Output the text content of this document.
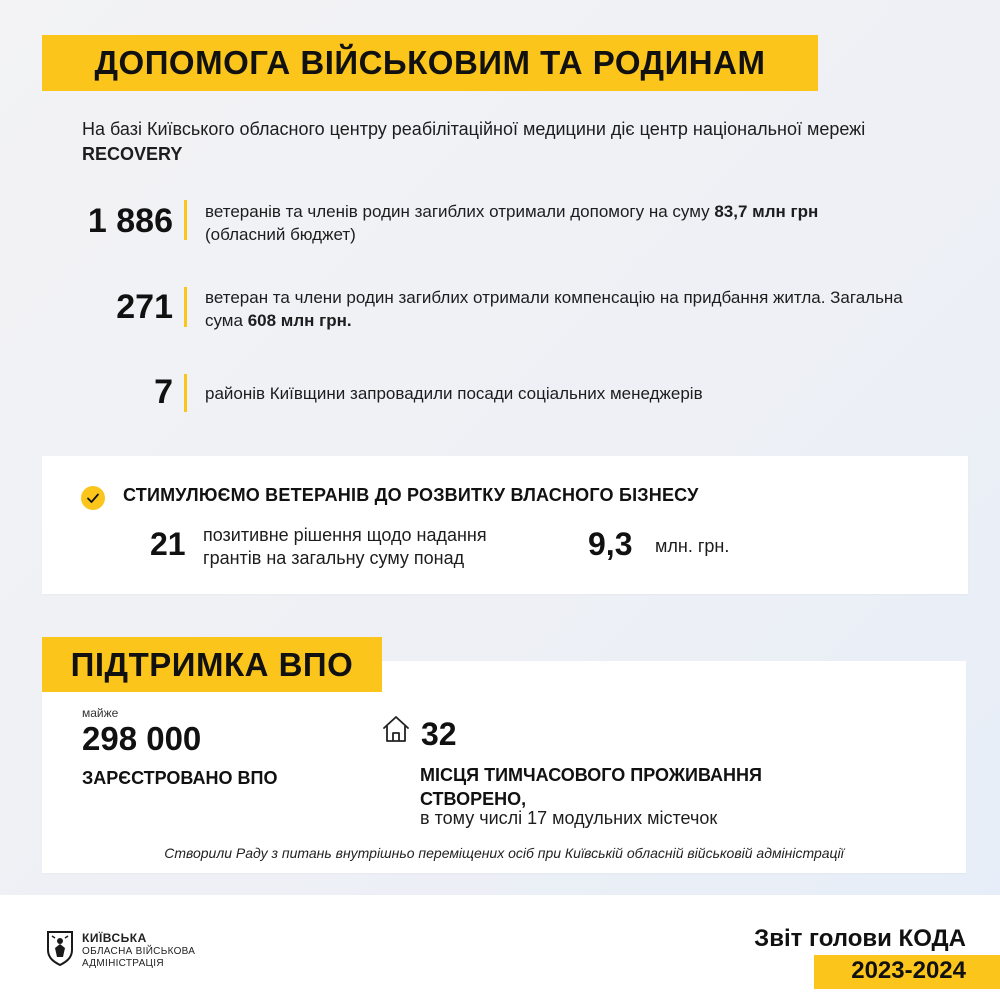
ДОПОМОГА ВІЙСЬКОВИМ ТА РОДИНАМ
На базі Київського обласного центру реабілітаційної медицини діє центр національної мережі RECOVERY
1 886 ветеранів та членів родин загиблих отримали допомогу на суму 83,7 млн грн
(обласний бюджет)
271 ветеран та члени родин загиблих отримали компенсацію на придбання житла. Загальна сума 608 млн грн.
7 районів Київщини запровадили посади соціальних менеджерів
СТИМУЛЮЄМО ВЕТЕРАНІВ ДО РОЗВИТКУ ВЛАСНОГО БІЗНЕСУ
21 позитивне рішення щодо надання
грантів на загальну суму понад	9,3 млн. грн.
ПІДТРИМКА ВПО
майже
298 000
ЗАРЄСТРОВАНО ВПО
32
МІСЦЯ ТИМЧАСОВОГО ПРОЖИВАННЯ

СТВОРЕНО,
в тому числі 17 модульних містечок
Створили Раду з питань внутрішньо переміщених осіб при Київській обласній військовій адміністрації
КИЇВСЬКА
ОБЛАСНА ВІЙСЬКОВА
АДМІНІСТРАЦІЯ
Звіт голови КОДА
2023-2024
